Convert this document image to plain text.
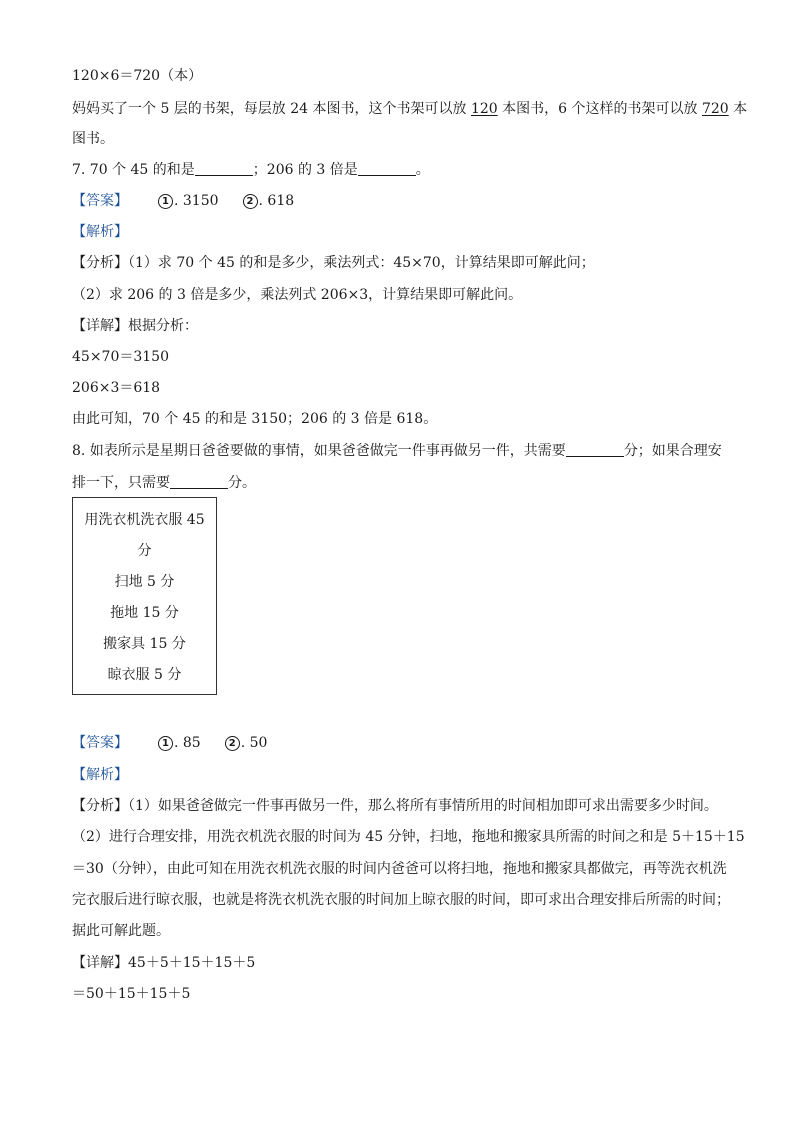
120×6＝720（本）
妈妈买了一个 5 层的书架，每层放 24 本图书，这个书架可以放 120 本图书，6 个这样的书架可以放 720 本
图书。
7. 70 个 45 的和是	；206 的 3 倍是	。
【答案】	1 . 3150	2 . 618
【解析】
【分析】（1）求 70 个 45 的和是多少，乘法列式：45×70，计算结果即可解此问；
（2）求 206 的 3 倍是多少，乘法列式 206×3，计算结果即可解此问。
【详解】根据分析：
45×70＝3150
206×3＝618
由此可知，70 个 45 的和是 3150；206 的 3 倍是 618。
8. 如表所示是星期日爸爸要做的事情，如果爸爸做完一件事再做另一件，共需要	分；如果合理安
排一下，只需要	分。
用洗衣机洗衣服 45
分
扫地 5 分
拖地 15 分
搬家具 15 分
晾衣服 5 分
【答案】	1 . 85	2 . 50
【解析】
【分析】（1）如果爸爸做完一件事再做另一件，那么将所有事情所用的时间相加即可求出需要多少时间。
（2）进行合理安排，用洗衣机洗衣服的时间为 45 分钟，扫地，拖地和搬家具所需的时间之和是 5＋15＋15
＝30（分钟），由此可知在用洗衣机洗衣服的时间内爸爸可以将扫地，拖地和搬家具都做完，再等洗衣机洗
完衣服后进行晾衣服，也就是将洗衣机洗衣服的时间加上晾衣服的时间，即可求出合理安排后所需的时间；
据此可解此题。
【详解】45＋5＋15＋15＋5
＝50＋15＋15＋5
